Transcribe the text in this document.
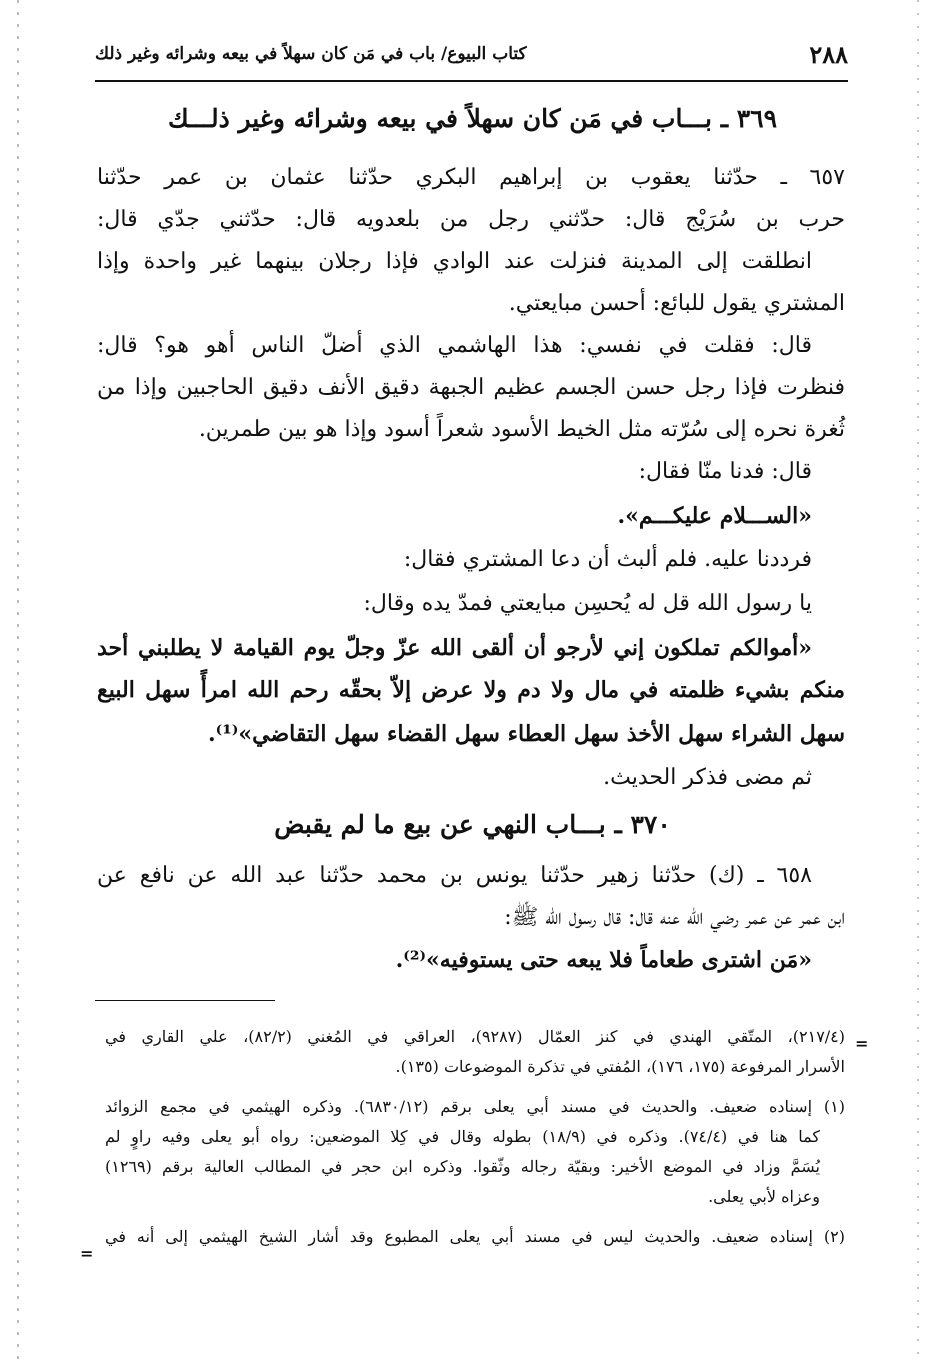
٢٨٨
كتاب البيوع/ باب في مَن كان سهلاً في بيعه وشرائه وغير ذلك
٣٦٩ ـ بـــاب في مَن كان سهلاً في بيعه وشرائه وغير ذلـــك
٦٥٧ ـ حدّثنا يعقوب بن إبراهيم البكري حدّثنا عثمان بن عمر حدّثنا
حرب بن سُرَيْج قال: حدّثني رجل من بلعدويه قال: حدّثني جدّي قال:
انطلقت إلى المدينة فنزلت عند الوادي فإذا رجلان بينهما غير واحدة وإذا
المشتري يقول للبائع: أحسن مبايعتي.
قال: فقلت في نفسي: هذا الهاشمي الذي أضلّ الناس أهو هو؟ قال:
فنظرت فإذا رجل حسن الجسم عظيم الجبهة دقيق الأنف دقيق الحاجبين وإذا من
ثُغرة نحره إلى سُرّته مثل الخيط الأسود شعراً أسود وإذا هو بين طمرين.
قال: فدنا منّا فقال:
«الســـلام عليكـــم».
فرددنا عليه. فلم ألبث أن دعا المشتري فقال:
يا رسول الله قل له يُحسِن مبايعتي فمدّ يده وقال:
«أموالكم تملكون إني لأرجو أن ألقى الله عزّ وجلّ يوم القيامة لا يطلبني أحد
منكم بشيء ظلمته في مال ولا دم ولا عرض إلاّ بحقّه رحم الله امرأً سهل البيع
سهل الشراء سهل الأخذ سهل العطاء سهل القضاء سهل التقاضي»⁽¹⁾.
ثم مضى فذكر الحديث.
٣٧٠ ـ بـــاب النهي عن بيع ما لم يقبض
٦٥٨ ـ (ك) حدّثنا زهير حدّثنا يونس بن محمد حدّثنا عبد الله عن نافع عن
ابن عمر عن عمر رضي الله عنه قال: قال رسول الله ﷺ:
«مَن اشترى طعاماً فلا يبعه حتى يستوفيه»⁽²⁾.
=
(٢١٧/٤)، المتّقي الهندي في كنز العمّال (٩٢٨٧)، العراقي في المُغني (٨٢/٢)، علي القاري في
الأسرار المرفوعة (١٧٥، ١٧٦)، المُفتي في تذكرة الموضوعات (١٣٥).
(١) إسناده ضعيف. والحديث في مسند أبي يعلى برقم (٦٨٣٠/١٢). وذكره الهيثمي في مجمع الزوائد
كما هنا في (٧٤/٤). وذكره في (١٨/٩) بطوله وقال في كِلا الموضعين: رواه أبو يعلى وفيه راوٍ لم
يُسَمَّ وزاد في الموضع الأخير: وبقيّة رجاله وثّقوا. وذكره ابن حجر في المطالب العالية برقم (١٢٦٩)
وعزاه لأبي يعلى.
(٢) إسناده ضعيف. والحديث ليس في مسند أبي يعلى المطبوع وقد أشار الشيخ الهيثمي إلى أنه في
=
